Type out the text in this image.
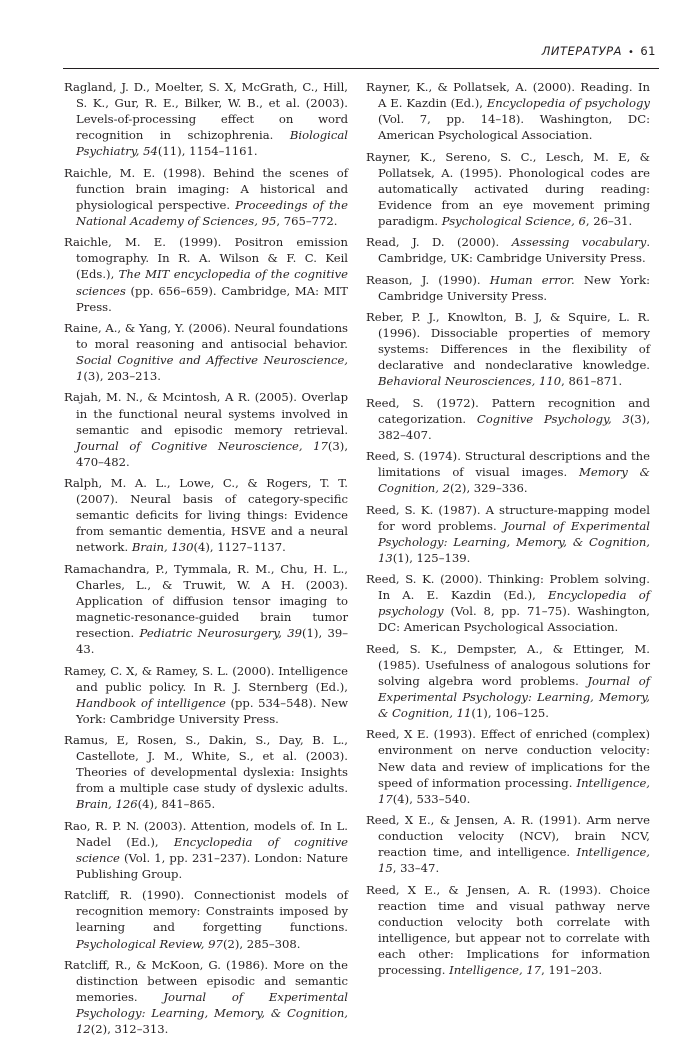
ЛИТЕРАТУРА • 61

Ragland, J. D., Moelter, S. X, McGrath, C., Hill, S. K., Gur, R. E., Bilker, W. B., et al. (2003). Levels-of-processing effect on word recognition in schizophrenia. Biological Psychiatry, 54(11), 1154–1161.

Raichle, M. E. (1998). Behind the scenes of function brain imaging: A historical and physiological perspective. Proceedings of the National Academy of Sciences, 95, 765–772.

Raichle, M. E. (1999). Positron emission tomography. In R. A. Wilson & F. C. Keil (Eds.), The MIT encyclopedia of the cognitive sciences (pp. 656–659). Cambridge, MA: MIT Press.

Raine, A., & Yang, Y. (2006). Neural foundations to moral reasoning and antisocial behavior. Social Cognitive and Affective Neuroscience, 1(3), 203–213.

Rajah, M. N., & Mcintosh, A R. (2005). Overlap in the functional neural systems involved in semantic and episodic memory retrieval. Journal of Cognitive Neuroscience, 17(3), 470–482.

Ralph, M. A. L., Lowe, C., & Rogers, T. T. (2007). Neural basis of category-specific semantic deficits for living things: Evidence from semantic dementia, HSVE and a neural network. Brain, 130(4), 1127–1137.

Ramachandra, P., Tymmala, R. M., Chu, H. L., Charles, L., & Truwit, W. A H. (2003). Application of diffusion tensor imaging to magnetic-resonance-guided brain tumor resection. Pediatric Neurosurgery, 39(1), 39–43.

Ramey, C. X, & Ramey, S. L. (2000). Intelligence and public policy. In R. J. Sternberg (Ed.), Handbook of intelligence (pp. 534–548). New York: Cambridge University Press.

Ramus, E, Rosen, S., Dakin, S., Day, B. L., Castellote, J. M., White, S., et al. (2003). Theories of developmental dyslexia: Insights from a multiple case study of dyslexic adults. Brain, 126(4), 841–865.

Rao, R. P. N. (2003). Attention, models of. In L. Nadel (Ed.), Encyclopedia of cognitive science (Vol. 1, pp. 231–237). London: Nature Publishing Group.

Ratcliff, R. (1990). Connectionist models of recognition memory: Constraints imposed by learning and forgetting functions. Psychological Review, 97(2), 285–308.

Ratcliff, R., & McKoon, G. (1986). More on the distinction between episodic and semantic memories. Journal of Experimental Psychology: Learning, Memory, & Cognition, 12(2), 312–313.

Rayner, K., & Pollatsek, A. (2000). Reading. In A E. Kazdin (Ed.), Encyclopedia of psychology (Vol. 7, pp. 14–18). Washington, DC: American Psychological Association.

Rayner, K., Sereno, S. C., Lesch, M. E, & Pollatsek, A. (1995). Phonological codes are automatically activated during reading: Evidence from an eye movement priming paradigm. Psychological Science, 6, 26–31.

Read, J. D. (2000). Assessing vocabulary. Cambridge, UK: Cambridge University Press.

Reason, J. (1990). Human error. New York: Cambridge University Press.

Reber, P. J., Knowlton, B. J, & Squire, L. R. (1996). Dissociable properties of memory systems: Differences in the flexibility of declarative and nondeclarative knowledge. Behavioral Neurosciences, 110, 861–871.

Reed, S. (1972). Pattern recognition and categorization. Cognitive Psychology, 3(3), 382–407.

Reed, S. (1974). Structural descriptions and the limitations of visual images. Memory & Cognition, 2(2), 329–336.

Reed, S. K. (1987). A structure-mapping model for word problems. Journal of Experimental Psychology: Learning, Memory, & Cognition, 13(1), 125–139.

Reed, S. K. (2000). Thinking: Problem solving. In A. E. Kazdin (Ed.), Encyclopedia of psychology (Vol. 8, pp. 71–75). Washington, DC: American Psychological Association.

Reed, S. K., Dempster, A., & Ettinger, M. (1985). Usefulness of analogous solutions for solving algebra word problems. Journal of Experimental Psychology: Learning, Memory, & Cognition, 11(1), 106–125.

Reed, X E. (1993). Effect of enriched (complex) environment on nerve conduction velocity: New data and review of implications for the speed of information processing. Intelligence, 17(4), 533–540.

Reed, X E., & Jensen, A. R. (1991). Arm nerve conduction velocity (NCV), brain NCV, reaction time, and intelligence. Intelligence, 15, 33–47.

Reed, X E., & Jensen, A. R. (1993). Choice reaction time and visual pathway nerve conduction velocity both correlate with intelligence, but appear not to correlate with each other: Implications for information processing. Intelligence, 17, 191–203.
